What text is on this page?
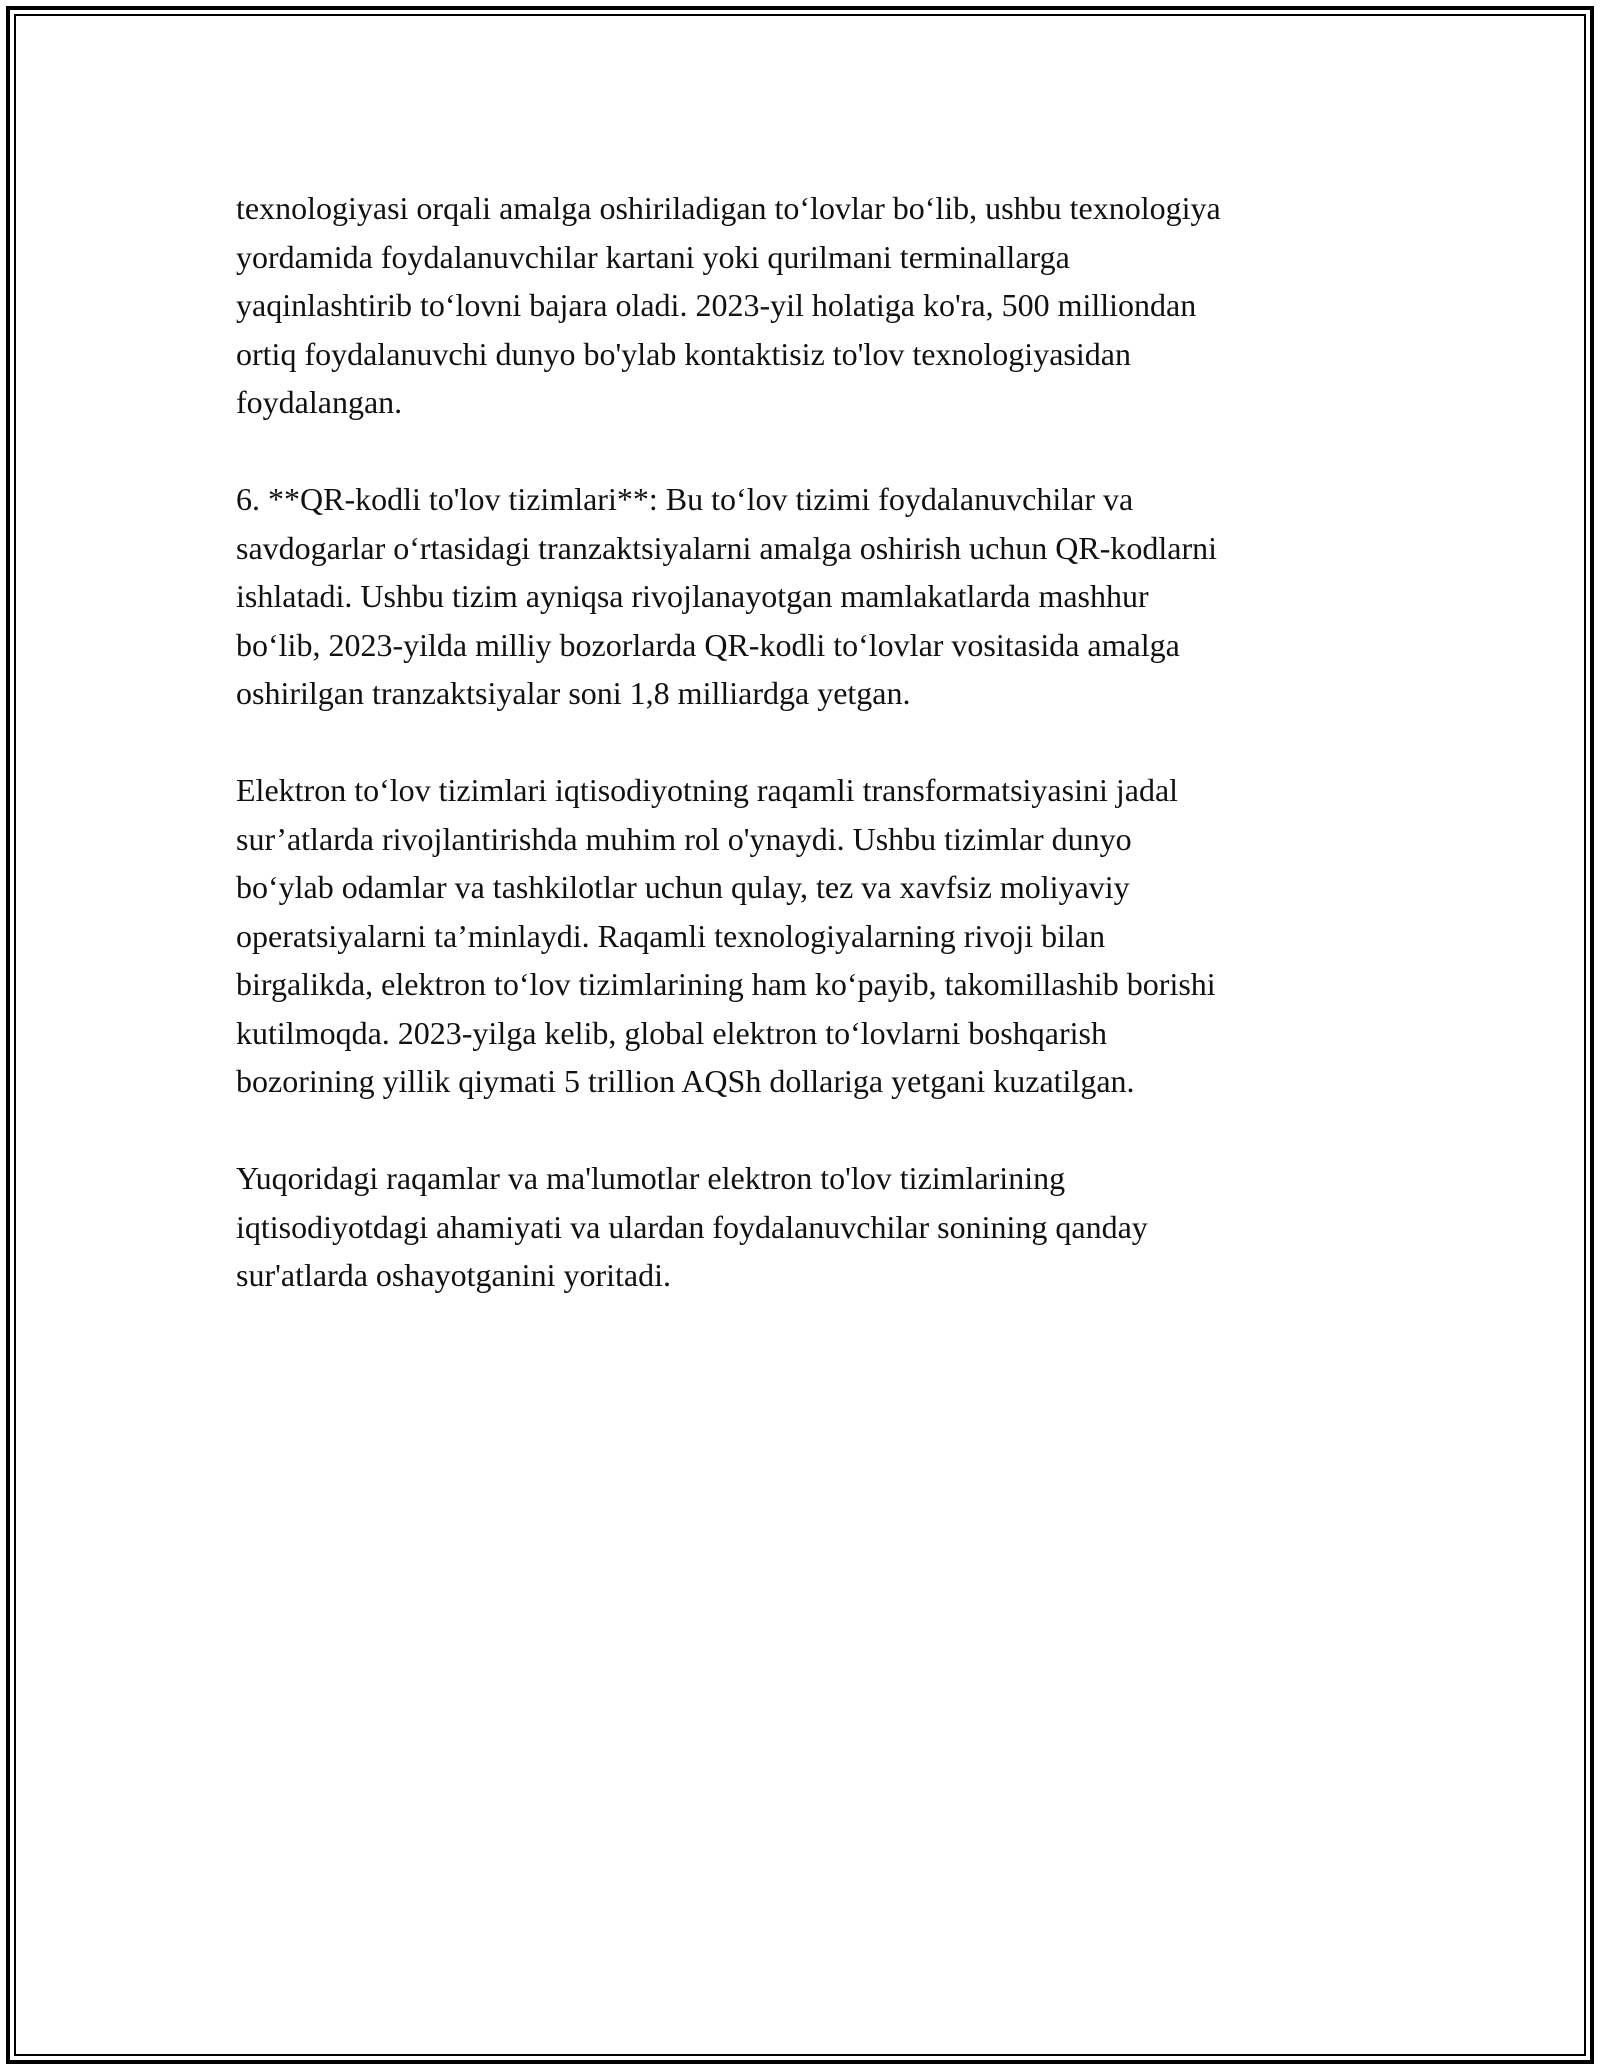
texnologiyasi orqali amalga oshiriladigan to‘lovlar bo‘lib, ushbu texnologiya
yordamida foydalanuvchilar kartani yoki qurilmani terminallarga
yaqinlashtirib to‘lovni bajara oladi. 2023-yil holatiga ko'ra, 500 milliondan
ortiq foydalanuvchi dunyo bo'ylab kontaktisiz to'lov texnologiyasidan
foydalangan.
6. **QR-kodli to'lov tizimlari**: Bu to‘lov tizimi foydalanuvchilar va
savdogarlar o‘rtasidagi tranzaktsiyalarni amalga oshirish uchun QR-kodlarni
ishlatadi. Ushbu tizim ayniqsa rivojlanayotgan mamlakatlarda mashhur
bo‘lib, 2023-yilda milliy bozorlarda QR-kodli to‘lovlar vositasida amalga
oshirilgan tranzaktsiyalar soni 1,8 milliardga yetgan.
Elektron to‘lov tizimlari iqtisodiyotning raqamli transformatsiyasini jadal
sur’atlarda rivojlantirishda muhim rol o'ynaydi. Ushbu tizimlar dunyo
bo‘ylab odamlar va tashkilotlar uchun qulay, tez va xavfsiz moliyaviy
operatsiyalarni ta’minlaydi. Raqamli texnologiyalarning rivoji bilan
birgalikda, elektron to‘lov tizimlarining ham ko‘payib, takomillashib borishi
kutilmoqda. 2023-yilga kelib, global elektron to‘lovlarni boshqarish
bozorining yillik qiymati 5 trillion AQSh dollariga yetgani kuzatilgan.
Yuqoridagi raqamlar va ma'lumotlar elektron to'lov tizimlarining
iqtisodiyotdagi ahamiyati va ulardan foydalanuvchilar sonining qanday
sur'atlarda oshayotganini yoritadi.
